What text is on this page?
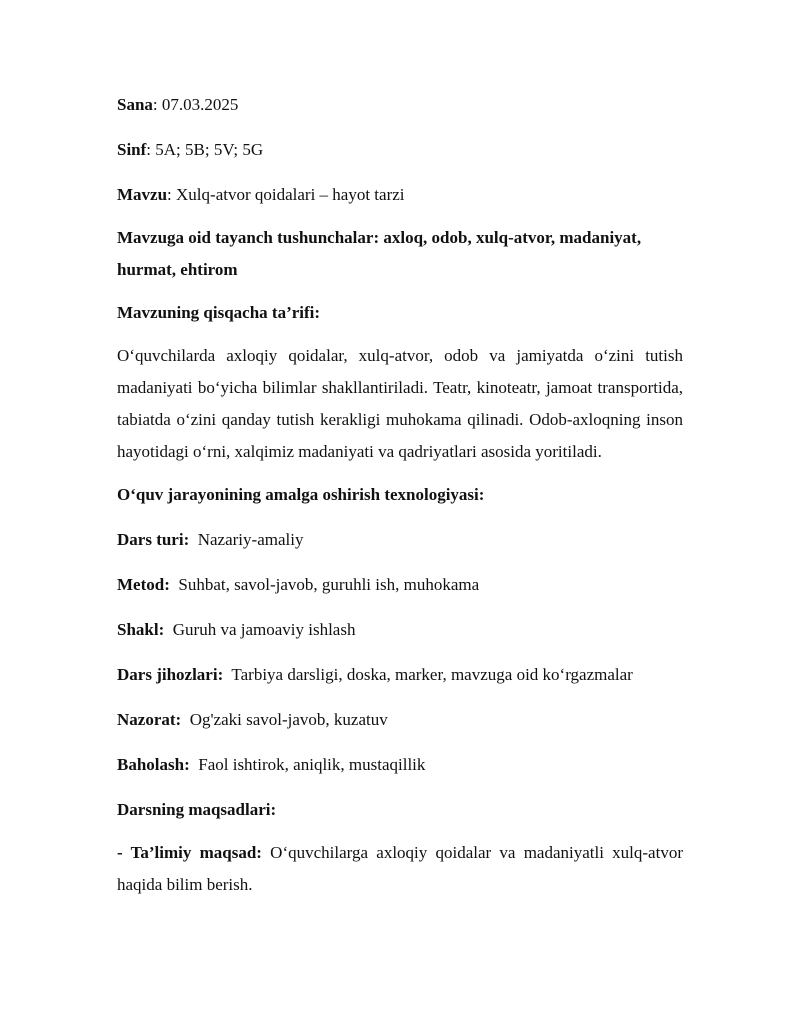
Sana: 07.03.2025
Sinf: 5A; 5B; 5V; 5G
Mavzu: Xulq-atvor qoidalari – hayot tarzi
Mavzuga oid tayanch tushunchalar: axloq, odob, xulq-atvor, madaniyat, hurmat, ehtirom
Mavzuning qisqacha ta’rifi:
O‘quvchilarda axloqiy qoidalar, xulq-atvor, odob va jamiyatda o‘zini tutish madaniyati bo‘yicha bilimlar shakllantiriladi. Teatr, kinoteatr, jamoat transportida, tabiatda o‘zini qanday tutish kerakligi muhokama qilinadi. Odob-axloqning inson hayotidagi o‘rni, xalqimiz madaniyati va qadriyatlari asosida yoritiladi.
O‘quv jarayonining amalga oshirish texnologiyasi:
Dars turi:  Nazariy-amaliy
Metod:  Suhbat, savol-javob, guruhli ish, muhokama
Shakl:  Guruh va jamoaviy ishlash
Dars jihozlari:  Tarbiya darsligi, doska, marker, mavzuga oid ko‘rgazmalar
Nazorat:  Og'zaki savol-javob, kuzatuv
Baholash:  Faol ishtirok, aniqlik, mustaqillik
Darsning maqsadlari:
- Ta’limiy maqsad: O‘quvchilarga axloqiy qoidalar va madaniyatli xulq-atvor haqida bilim berish.
